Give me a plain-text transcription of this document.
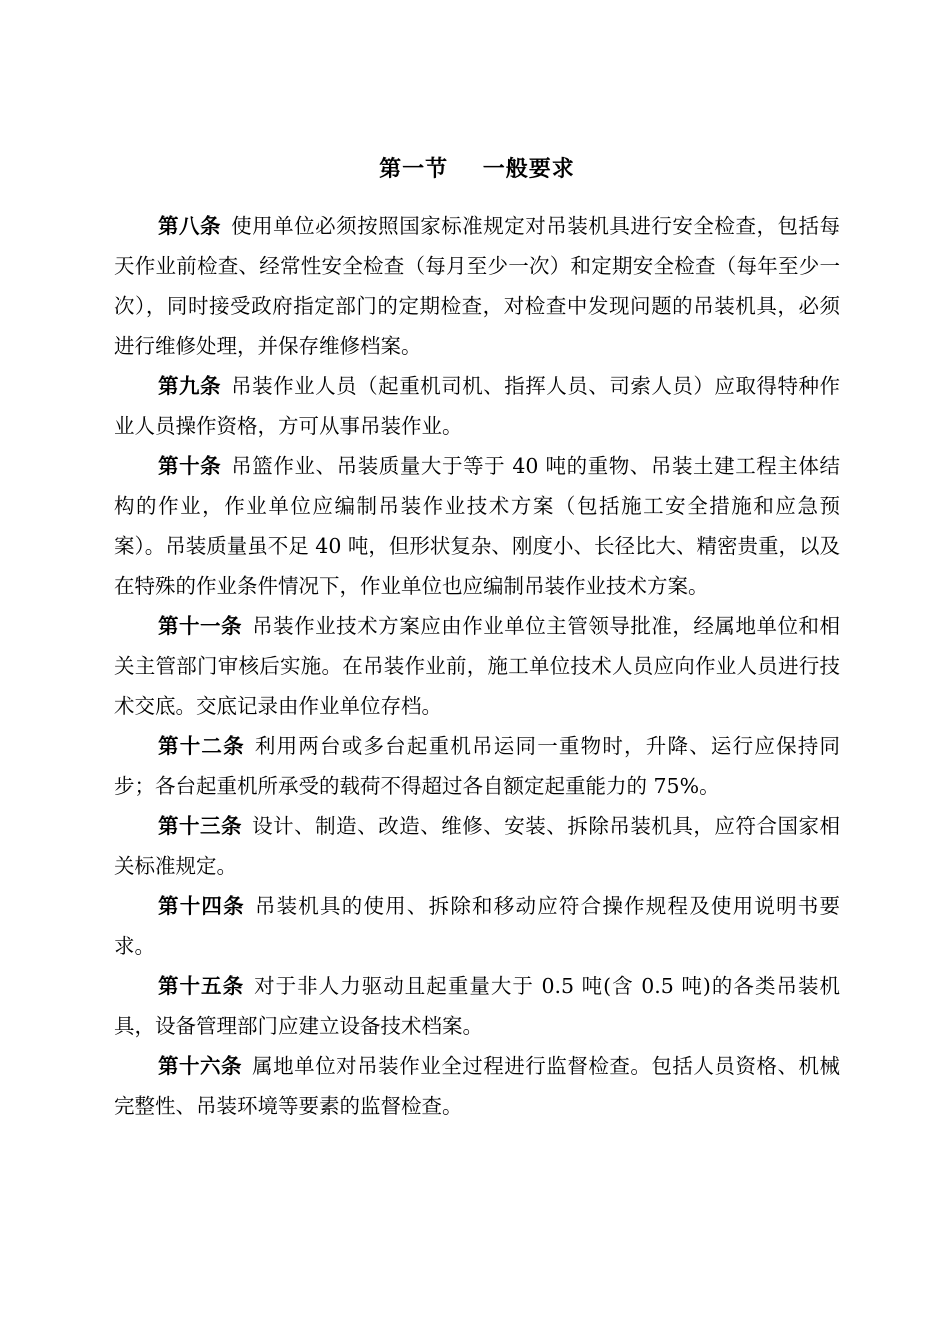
第一节    一般要求

第八条 使用单位必须按照国家标准规定对吊装机具进行安全检查，包括每天作业前检查、经常性安全检查（每月至少一次）和定期安全检查（每年至少一次），同时接受政府指定部门的定期检查，对检查中发现问题的吊装机具，必须进行维修处理，并保存维修档案。

第九条 吊装作业人员（起重机司机、指挥人员、司索人员）应取得特种作业人员操作资格，方可从事吊装作业。

第十条 吊篮作业、吊装质量大于等于 40 吨的重物、吊装土建工程主体结构的作业，作业单位应编制吊装作业技术方案（包括施工安全措施和应急预案）。吊装质量虽不足 40 吨，但形状复杂、刚度小、长径比大、精密贵重，以及在特殊的作业条件情况下，作业单位也应编制吊装作业技术方案。

第十一条 吊装作业技术方案应由作业单位主管领导批准，经属地单位和相关主管部门审核后实施。在吊装作业前，施工单位技术人员应向作业人员进行技术交底。交底记录由作业单位存档。

第十二条 利用两台或多台起重机吊运同一重物时，升降、运行应保持同步；各台起重机所承受的载荷不得超过各自额定起重能力的 75%。

第十三条 设计、制造、改造、维修、安装、拆除吊装机具，应符合国家相关标准规定。

第十四条 吊装机具的使用、拆除和移动应符合操作规程及使用说明书要求。

第十五条 对于非人力驱动且起重量大于 0.5 吨(含 0.5 吨)的各类吊装机具，设备管理部门应建立设备技术档案。

第十六条 属地单位对吊装作业全过程进行监督检查。包括人员资格、机械完整性、吊装环境等要素的监督检查。
